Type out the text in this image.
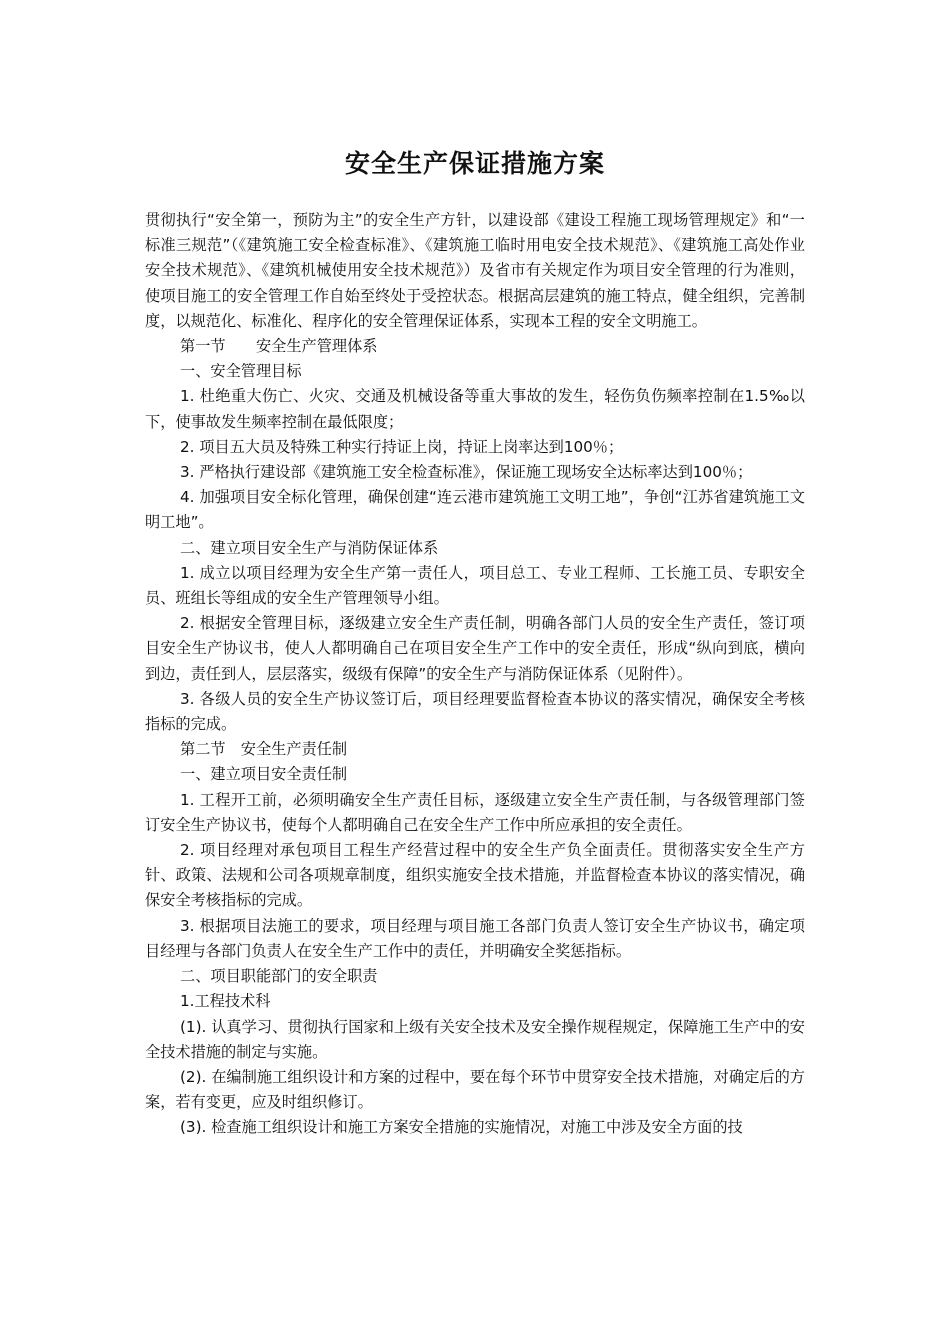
安全生产保证措施方案

贯彻执行“安全第一，预防为主”的安全生产方针，以建设部《建设工程施工现场管理规定》和“一标准三规范”（《建筑施工安全检查标准》、《建筑施工临时用电安全技术规范》、《建筑施工高处作业安全技术规范》、《建筑机械使用安全技术规范》）及省市有关规定作为项目安全管理的行为准则，使项目施工的安全管理工作自始至终处于受控状态。根据高层建筑的施工特点，健全组织，完善制度，以规范化、标准化、程序化的安全管理保证体系，实现本工程的安全文明施工。

第一节　　安全生产管理体系

一、安全管理目标

1. 杜绝重大伤亡、火灾、交通及机械设备等重大事故的发生，轻伤负伤频率控制在1.5‰以下，使事故发生频率控制在最低限度；

2. 项目五大员及特殊工种实行持证上岗，持证上岗率达到100％；

3. 严格执行建设部《建筑施工安全检查标准》，保证施工现场安全达标率达到100％；

4. 加强项目安全标化管理，确保创建“连云港市建筑施工文明工地”，争创“江苏省建筑施工文明工地”。

二、建立项目安全生产与消防保证体系

1. 成立以项目经理为安全生产第一责任人，项目总工、专业工程师、工长施工员、专职安全员、班组长等组成的安全生产管理领导小组。

2. 根据安全管理目标，逐级建立安全生产责任制，明确各部门人员的安全生产责任，签订项目安全生产协议书，使人人都明确自己在项目安全生产工作中的安全责任，形成“纵向到底，横向到边，责任到人，层层落实，级级有保障”的安全生产与消防保证体系（见附件）。

3. 各级人员的安全生产协议签订后，项目经理要监督检查本协议的落实情况，确保安全考核指标的完成。

第二节　安全生产责任制

一、建立项目安全责任制

1. 工程开工前，必须明确安全生产责任目标，逐级建立安全生产责任制，与各级管理部门签订安全生产协议书，使每个人都明确自己在安全生产工作中所应承担的安全责任。

2. 项目经理对承包项目工程生产经营过程中的安全生产负全面责任。贯彻落实安全生产方针、政策、法规和公司各项规章制度，组织实施安全技术措施，并监督检查本协议的落实情况，确保安全考核指标的完成。

3. 根据项目法施工的要求，项目经理与项目施工各部门负责人签订安全生产协议书，确定项目经理与各部门负责人在安全生产工作中的责任，并明确安全奖惩指标。

二、项目职能部门的安全职责

1.工程技术科

(1). 认真学习、贯彻执行国家和上级有关安全技术及安全操作规程规定，保障施工生产中的安全技术措施的制定与实施。

(2). 在编制施工组织设计和方案的过程中，要在每个环节中贯穿安全技术措施，对确定后的方案，若有变更，应及时组织修订。

(3). 检查施工组织设计和施工方案安全措施的实施情况，对施工中涉及安全方面的技
